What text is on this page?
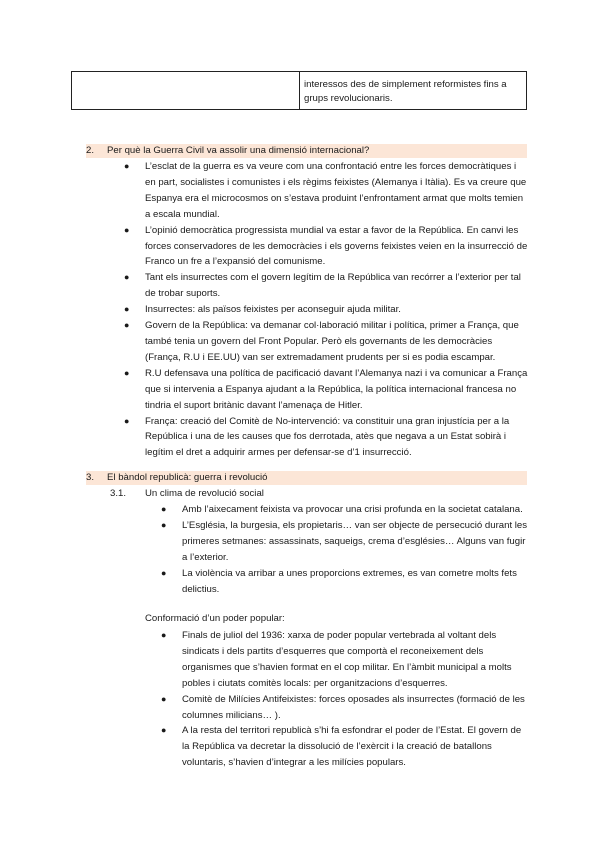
interessos des de simplement reformistes fins a grups revolucionaris.
2. Per què la Guerra Civil va assolir una dimensió internacional?
● L’esclat de la guerra es va veure com una confrontació entre les forces democràtiques i en part, socialistes i comunistes i els règims feixistes (Alemanya i Itàlia). Es va creure que Espanya era el microcosmos on s’estava produint l’enfrontament armat que molts temien a escala mundial.
● L’opinió democràtica progressista mundial va estar a favor de la República. En canvi les forces conservadores de les democràcies i els governs feixistes veien en la insurrecció de Franco un fre a l’expansió del comunisme.
● Tant els insurrectes com el govern legítim de la República van recórrer a l’exterior per tal de trobar suports.
● Insurrectes: als països feixistes per aconseguir ajuda militar.
● Govern de la República: va demanar col·laboració militar i política, primer a França, que també tenia un govern del Front Popular. Però els governants de les democràcies (França, R.U i EE.UU) van ser extremadament prudents per si es podia escampar.
● R.U defensava una política de pacificació davant l’Alemanya nazi i va comunicar a França que si intervenia a Espanya ajudant a la República, la política internacional francesa no tindria el suport britànic davant l’amenaça de Hitler.
● França: creació del Comitè de No-intervenció: va constituir una gran injustícia per a la República i una de les causes que fos derrotada, atès que negava a un Estat sobirà i legítim el dret a adquirir armes per defensar-se d’1 insurrecció.
3. El bàndol republicà: guerra i revolució
3.1. Un clima de revolució social
● Amb l’aixecament feixista va provocar una crisi profunda en la societat catalana.
● L’Església, la burgesia, els propietaris… van ser objecte de persecució durant les primeres setmanes: assassinats, saqueigs, crema d’esglésies… Alguns van fugir a l’exterior.
● La violència va arribar a unes proporcions extremes, es van cometre molts fets delictius.
Conformació d’un poder popular:
● Finals de juliol del 1936: xarxa de poder popular vertebrada al voltant dels sindicats i dels partits d’esquerres que comportà el reconeixement dels organismes que s’havien format en el cop militar. En l’àmbit municipal a molts pobles i ciutats comitès locals: per organitzacions d’esquerres.
● Comitè de Milícies Antifeixistes: forces oposades als insurrectes (formació de les columnes milicians… ).
● A la resta del territori republicà s’hi fa esfondrar el poder de l’Estat. El govern de la República va decretar la dissolució de l’exèrcit i la creació de batallons voluntaris, s’havien d’integrar a les milícies populars.
